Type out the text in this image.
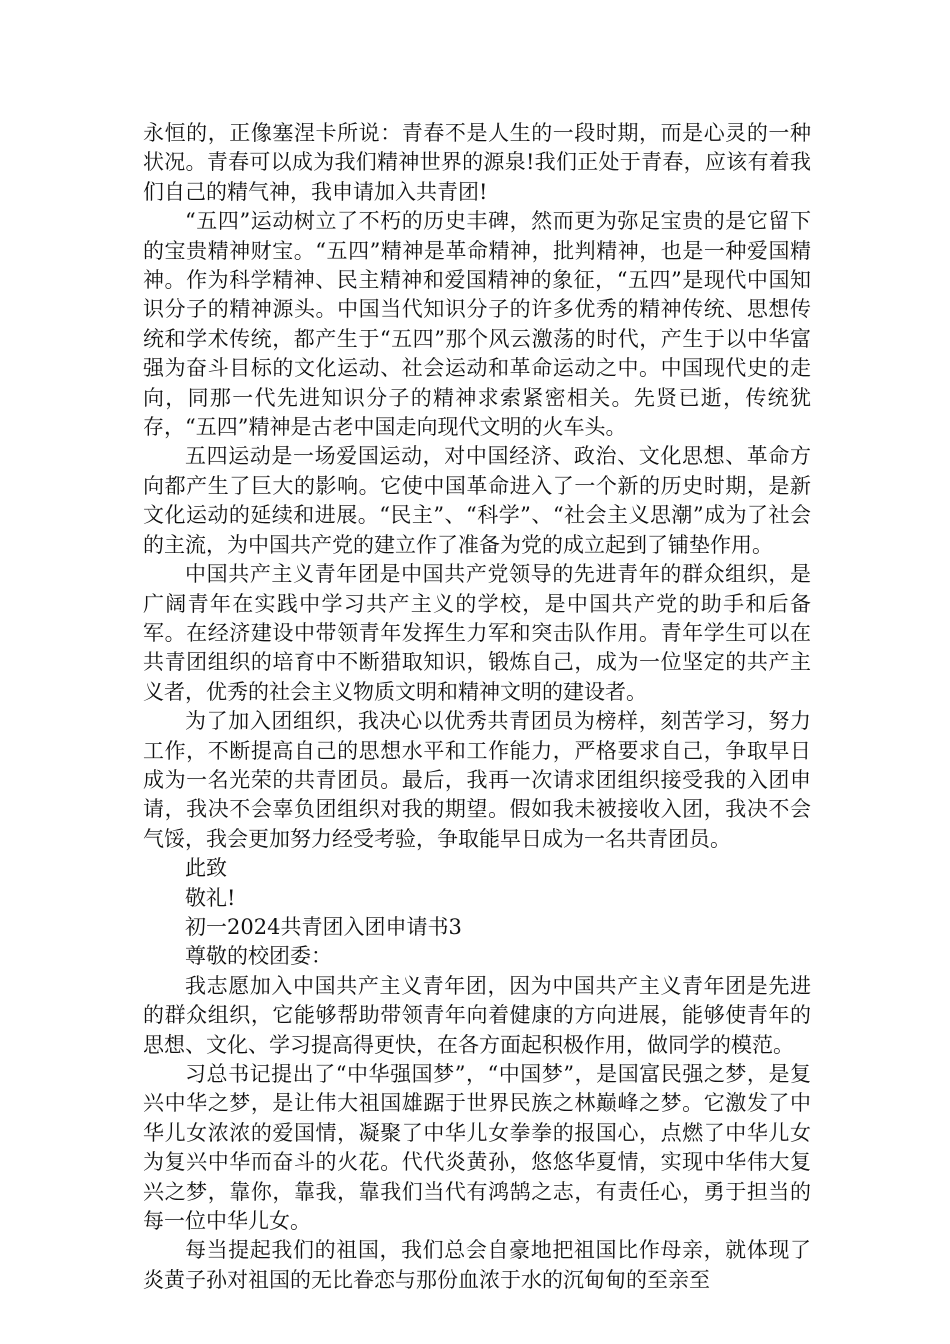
永恒的，正像塞涅卡所说：青春不是人生的一段时期，而是心灵的一种状况。青春可以成为我们精神世界的源泉!我们正处于青春，应该有着我们自己的精气神，我申请加入共青团!

“五四”运动树立了不朽的历史丰碑，然而更为弥足宝贵的是它留下的宝贵精神财宝。“五四”精神是革命精神，批判精神，也是一种爱国精神。作为科学精神、民主精神和爱国精神的象征，“五四”是现代中国知识分子的精神源头。中国当代知识分子的许多优秀的精神传统、思想传统和学术传统，都产生于“五四”那个风云激荡的时代，产生于以中华富强为奋斗目标的文化运动、社会运动和革命运动之中。中国现代史的走向，同那一代先进知识分子的精神求索紧密相关。先贤已逝，传统犹存，“五四”精神是古老中国走向现代文明的火车头。

五四运动是一场爱国运动，对中国经济、政治、文化思想、革命方向都产生了巨大的影响。它使中国革命进入了一个新的历史时期，是新文化运动的延续和进展。“民主”、“科学”、“社会主义思潮”成为了社会的主流，为中国共产党的建立作了准备为党的成立起到了铺垫作用。

中国共产主义青年团是中国共产党领导的先进青年的群众组织，是广阔青年在实践中学习共产主义的学校，是中国共产党的助手和后备军。在经济建设中带领青年发挥生力军和突击队作用。青年学生可以在共青团组织的培育中不断猎取知识，锻炼自己，成为一位坚定的共产主义者，优秀的社会主义物质文明和精神文明的建设者。

为了加入团组织，我决心以优秀共青团员为榜样，刻苦学习，努力工作，不断提高自己的思想水平和工作能力，严格要求自己，争取早日成为一名光荣的共青团员。最后，我再一次请求团组织接受我的入团申请，我决不会辜负团组织对我的期望。假如我未被接收入团，我决不会气馁，我会更加努力经受考验，争取能早日成为一名共青团员。

此致

敬礼!

初一2024共青团入团申请书3

尊敬的校团委：

我志愿加入中国共产主义青年团，因为中国共产主义青年团是先进的群众组织，它能够帮助带领青年向着健康的方向进展，能够使青年的思想、文化、学习提高得更快，在各方面起积极作用，做同学的模范。

习总书记提出了“中华强国梦”，“中国梦”，是国富民强之梦，是复兴中华之梦，是让伟大祖国雄踞于世界民族之林巅峰之梦。它激发了中华儿女浓浓的爱国情，凝聚了中华儿女拳拳的报国心，点燃了中华儿女为复兴中华而奋斗的火花。代代炎黄孙，悠悠华夏情，实现中华伟大复兴之梦，靠你，靠我，靠我们当代有鸿鹄之志，有责任心，勇于担当的每一位中华儿女。

每当提起我们的祖国，我们总会自豪地把祖国比作母亲，就体现了炎黄子孙对祖国的无比眷恋与那份血浓于水的沉甸甸的至亲至
